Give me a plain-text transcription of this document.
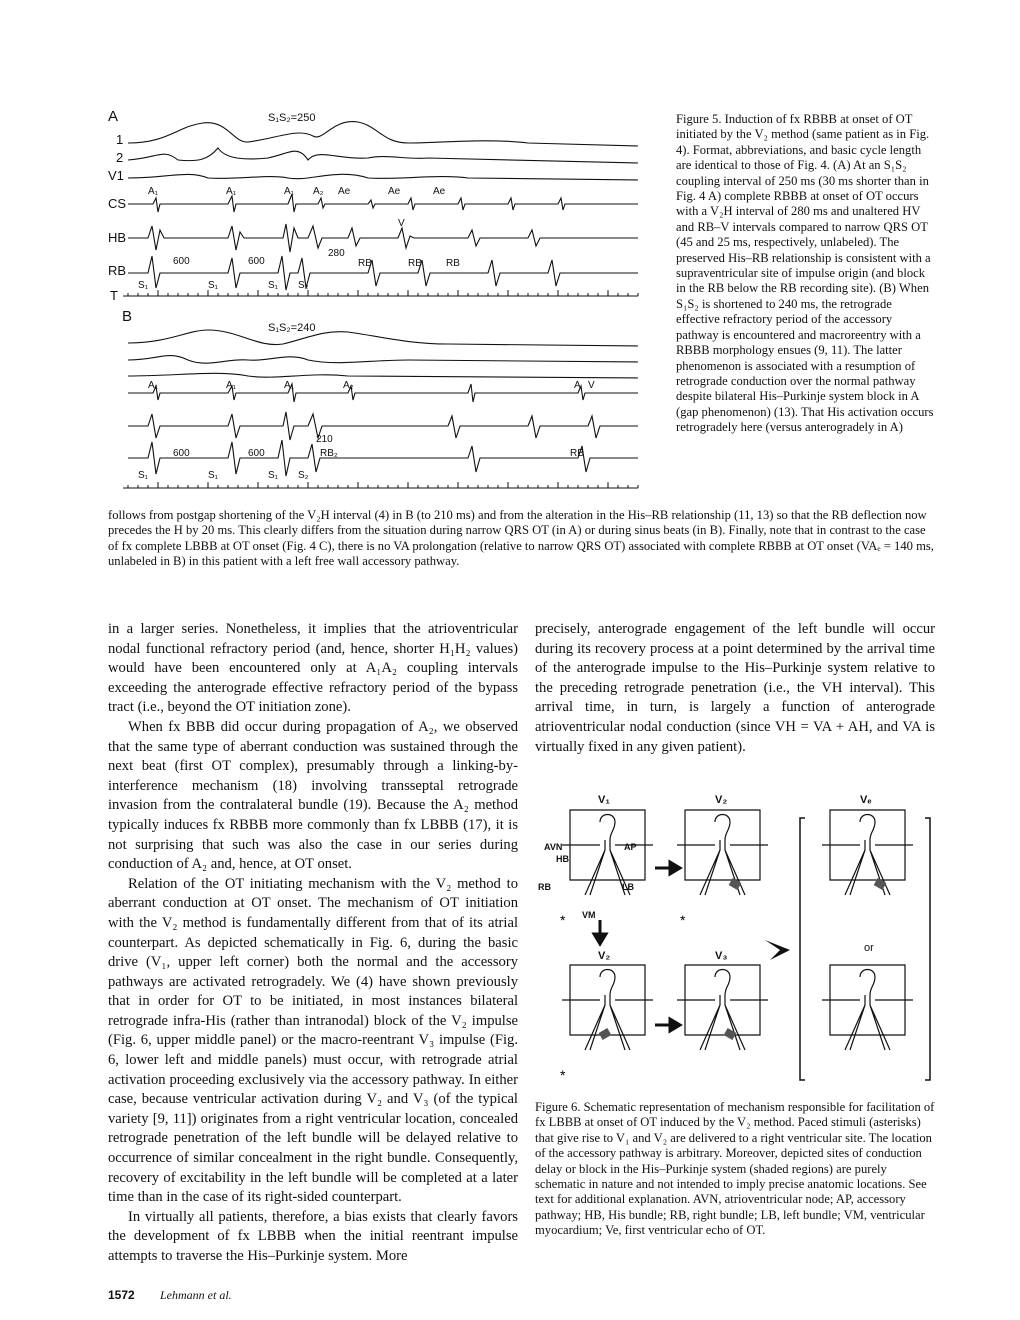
A	S₁S₂=250
1
2
V1
CS
HB
RB
T
600	600
A₁	A₁	A₁ A₂ Ae	Ae	Ae
V
280
RB	RB RB
S₁	S₁	S₁ S₂
B
S₁S₂=240
600	600
A₁	A₁	A₁	A₂	A V
210
RB₂	RB
S₁	S₁	S₁ S₂
Figure 5. Induction of fx RBBB at onset of OT initiated by the V₂ method (same patient as in Fig. 4). Format, abbreviations, and basic cycle length are identical to those of Fig. 4. (A) At an S₁S₂ coupling interval of 250 ms (30 ms shorter than in Fig. 4 A) complete RBBB at onset of OT occurs with a V₂H interval of 280 ms and unaltered HV and RB–V intervals compared to narrow QRS OT (45 and 25 ms, respectively, unlabeled). The preserved His–RB relationship is consistent with a supraventricular site of impulse origin (and block in the RB below the RB recording site). (B) When S₁S₂ is shortened to 240 ms, the retrograde effective refractory period of the accessory pathway is encountered and macroreentry with a RBBB morphology ensues (9, 11). The latter phenomenon is associated with a resumption of retrograde conduction over the normal pathway despite bilateral His–Purkinje system block in A (gap phenomenon) (13). That His activation occurs retrogradely here (versus anterogradely in A)
follows from postgap shortening of the V₂H interval (4) in B (to 210 ms) and from the alteration in the His–RB relationship (11, 13) so that the RB deflection now precedes the H by 20 ms. This clearly differs from the situation during narrow QRS OT (in A) or during sinus beats (in B). Finally, note that in contrast to the case of fx complete LBBB at OT onset (Fig. 4 C), there is no VA prolongation (relative to narrow QRS OT) associated with complete RBBB at OT onset (VAₑ = 140 ms, unlabeled in B) in this patient with a left free wall accessory pathway.

in a larger series. Nonetheless, it implies that the atrioventricular nodal functional refractory period (and, hence, shorter H₁H₂ values) would have been encountered only at A₁A₂ coupling intervals exceeding the anterograde effective refractory period of the bypass tract (i.e., beyond the OT initiation zone).

When fx BBB did occur during propagation of A₂, we observed that the same type of aberrant conduction was sustained through the next beat (first OT complex), presumably through a linking-by-interference mechanism (18) involving transseptal retrograde invasion from the contralateral bundle (19). Because the A₂ method typically induces fx RBBB more commonly than fx LBBB (17), it is not surprising that such was also the case in our series during conduction of A₂ and, hence, at OT onset.

Relation of the OT initiating mechanism with the V₂ method to aberrant conduction at OT onset. The mechanism of OT initiation with the V₂ method is fundamentally different from that of its atrial counterpart. As depicted schematically in Fig. 6, during the basic drive (V₁, upper left corner) both the normal and the accessory pathways are activated retrogradely. We (4) have shown previously that in order for OT to be initiated, in most instances bilateral retrograde infra-His (rather than intranodal) block of the V₂ impulse (Fig. 6, upper middle panel) or the macro-reentrant V₃ impulse (Fig. 6, lower left and middle panels) must occur, with retrograde atrial activation proceeding exclusively via the accessory pathway. In either case, because ventricular activation during V₂ and V₃ (of the typical variety [9, 11]) originates from a right ventricular location, concealed retrograde penetration of the left bundle will be delayed relative to occurrence of similar concealment in the right bundle. Consequently, recovery of excitability in the left bundle will be completed at a later time than in the case of its right-sided counterpart.

In virtually all patients, therefore, a bias exists that clearly favors the development of fx LBBB when the initial reentrant impulse attempts to traverse the His–Purkinje system. More

precisely, anterograde engagement of the left bundle will occur during its recovery process at a point determined by the arrival time of the anterograde impulse to the His–Purkinje system relative to the preceding retrograde penetration (i.e., the VH interval). This arrival time, in turn, is largely a function of anterograde atrioventricular nodal conduction (since VH = VA + AH, and VA is virtually fixed in any given patient).

*	*
*
V₁	V₂	Vₑ
V₂	V₃
AVN
HB
AP
RB	LB
VM
or
Figure 6. Schematic representation of mechanism responsible for facilitation of fx LBBB at onset of OT induced by the V₂ method. Paced stimuli (asterisks) that give rise to V₁ and V₂ are delivered to a right ventricular site. The location of the accessory pathway is arbitrary. Moreover, depicted sites of conduction delay or block in the His–Purkinje system (shaded regions) are purely schematic in nature and not intended to imply precise anatomic locations. See text for additional explanation. AVN, atrioventricular node; AP, accessory pathway; HB, His bundle; RB, right bundle; LB, left bundle; VM, ventricular myocardium; Ve, first ventricular echo of OT.
1572 Lehmann et al.
